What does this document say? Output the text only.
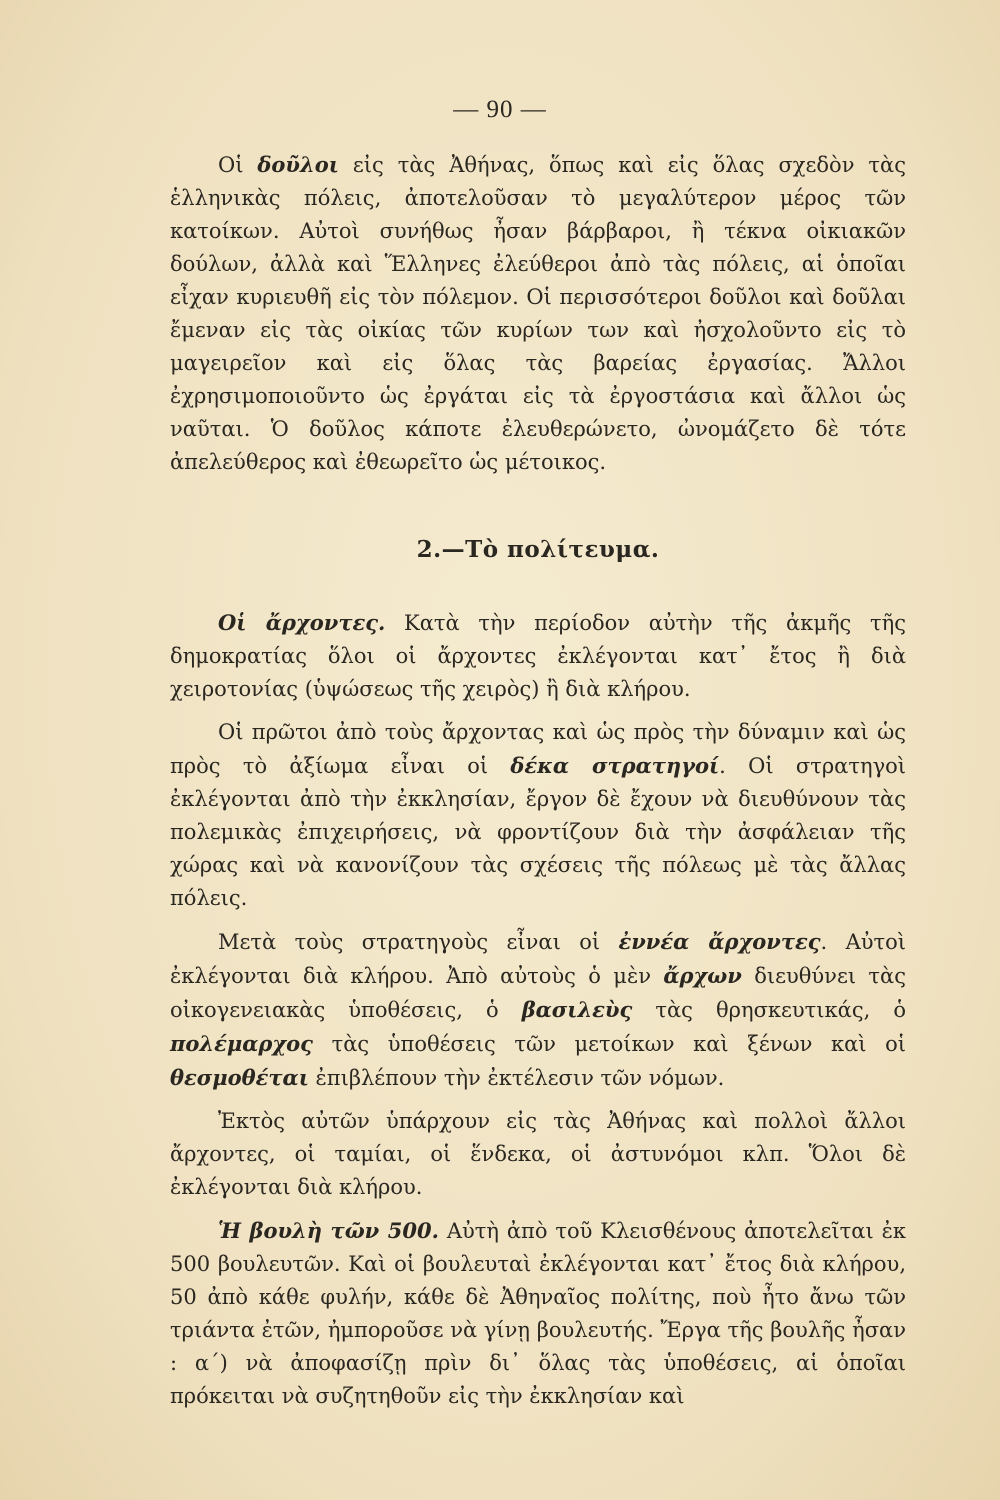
— 90 —

Οἱ δοῦλοι εἰς τὰς Ἀθήνας, ὅπως καὶ εἰς ὅλας σχεδὸν τὰς ἑλληνικὰς πόλεις, ἀποτελοῦσαν τὸ μεγαλύτερον μέρος τῶν κατοίκων. Αὐτοὶ συνήθως ἦσαν βάρβαροι, ἢ τέκνα οἰκιακῶν δούλων, ἀλλὰ καὶ Ἕλληνες ἐλεύθεροι ἀπὸ τὰς πόλεις, αἱ ὁποῖαι εἶχαν κυριευθῆ εἰς τὸν πόλεμον. Οἱ περισσότεροι δοῦλοι καὶ δοῦλαι ἔμεναν εἰς τὰς οἰκίας τῶν κυρίων των καὶ ἠσχολοῦντο εἰς τὸ μαγειρεῖον καὶ εἰς ὅλας τὰς βαρείας ἐργασίας. Ἄλλοι ἐχρησιμοποιοῦντο ὡς ἐργάται εἰς τὰ ἐργοστάσια καὶ ἄλλοι ὡς ναῦται. Ὁ δοῦλος κάποτε ἐλευθερώνετο, ὠνομάζετο δὲ τότε ἀπελεύθερος καὶ ἐθεωρεῖτο ὡς μέτοικος.

2.—Τὸ πολίτευμα.

Οἱ ἄρχοντες. Κατὰ τὴν περίοδον αὐτὴν τῆς ἀκμῆς τῆς δημοκρατίας ὅλοι οἱ ἄρχοντες ἐκλέγονται κατ᾽ ἔτος ἢ διὰ χειροτονίας (ὑψώσεως τῆς χειρὸς) ἢ διὰ κλήρου.

Οἱ πρῶτοι ἀπὸ τοὺς ἄρχοντας καὶ ὡς πρὸς τὴν δύναμιν καὶ ὡς πρὸς τὸ ἀξίωμα εἶναι οἱ δέκα στρατηγοί. Οἱ στρατηγοὶ ἐκλέγονται ἀπὸ τὴν ἐκκλησίαν, ἔργον δὲ ἔχουν νὰ διευθύνουν τὰς πολεμικὰς ἐπιχειρήσεις, νὰ φροντίζουν διὰ τὴν ἀσφάλειαν τῆς χώρας καὶ νὰ κανονίζουν τὰς σχέσεις τῆς πόλεως μὲ τὰς ἄλλας πόλεις.

Μετὰ τοὺς στρατηγοὺς εἶναι οἱ ἐννέα ἄρχοντες. Αὐτοὶ ἐκλέγονται διὰ κλήρου. Ἀπὸ αὐτοὺς ὁ μὲν ἄρχων διευθύνει τὰς οἰκογενειακὰς ὑποθέσεις, ὁ βασιλεὺς τὰς θρησκευτικάς, ὁ πολέμαρχος τὰς ὑποθέσεις τῶν μετοίκων καὶ ξένων καὶ οἱ θεσμοθέται ἐπιβλέπουν τὴν ἐκτέλεσιν τῶν νόμων.

Ἐκτὸς αὐτῶν ὑπάρχουν εἰς τὰς Ἀθήνας καὶ πολλοὶ ἄλλοι ἄρχοντες, οἱ ταμίαι, οἱ ἕνδεκα, οἱ ἀστυνόμοι κλπ. Ὅλοι δὲ ἐκλέγονται διὰ κλήρου.

Ἡ βουλὴ τῶν 500. Αὐτὴ ἀπὸ τοῦ Κλεισθένους ἀποτελεῖται ἐκ 500 βουλευτῶν. Καὶ οἱ βουλευταὶ ἐκλέγονται κατ᾽ ἔτος διὰ κλήρου, 50 ἀπὸ κάθε φυλήν, κάθε δὲ Ἀθηναῖος πολίτης, ποὺ ἦτο ἄνω τῶν τριάντα ἐτῶν, ἠμποροῦσε νὰ γίνῃ βουλευτής. Ἔργα τῆς βουλῆς ἦσαν : α΄) νὰ ἀποφασίζῃ πρὶν δι᾽ ὅλας τὰς ὑποθέσεις, αἱ ὁποῖαι πρόκειται νὰ συζητηθοῦν εἰς τὴν ἐκκλησίαν καὶ
